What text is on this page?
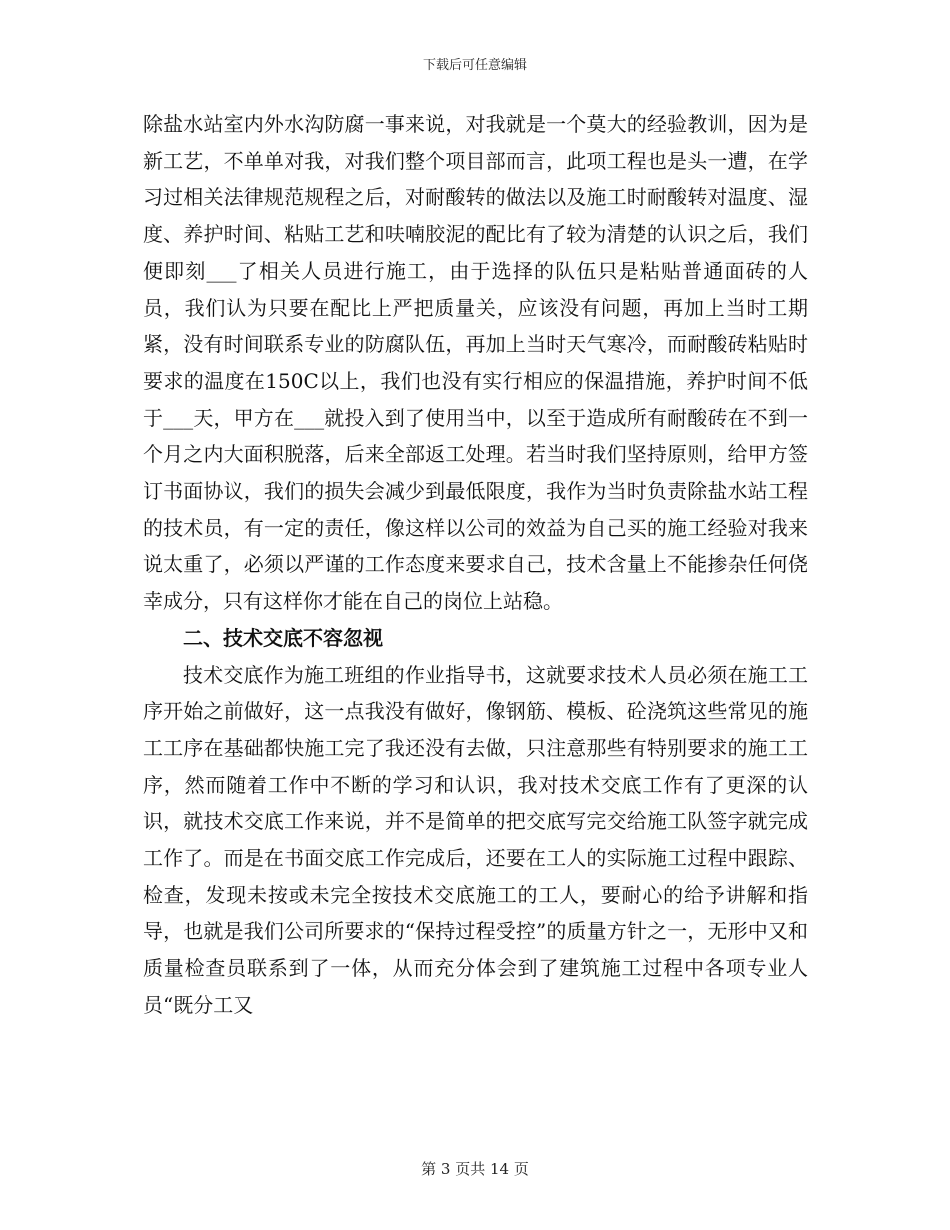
下载后可任意编辑

除盐水站室内外水沟防腐一事来说，对我就是一个莫大的经验教训，因为是新工艺，不单单对我，对我们整个项目部而言，此项工程也是头一遭，在学习过相关法律规范规程之后，对耐酸转的做法以及施工时耐酸转对温度、湿度、养护时间、粘贴工艺和呋喃胶泥的配比有了较为清楚的认识之后，我们便即刻___了相关人员进行施工，由于选择的队伍只是粘贴普通面砖的人员，我们认为只要在配比上严把质量关，应该没有问题，再加上当时工期紧，没有时间联系专业的防腐队伍，再加上当时天气寒冷，而耐酸砖粘贴时要求的温度在150C以上，我们也没有实行相应的保温措施，养护时间不低于___天，甲方在___就投入到了使用当中，以至于造成所有耐酸砖在不到一个月之内大面积脱落，后来全部返工处理。若当时我们坚持原则，给甲方签订书面协议，我们的损失会减少到最低限度，我作为当时负责除盐水站工程的技术员，有一定的责任，像这样以公司的效益为自己买的施工经验对我来说太重了，必须以严谨的工作态度来要求自己，技术含量上不能掺杂任何侥幸成分，只有这样你才能在自己的岗位上站稳。

二、技术交底不容忽视

技术交底作为施工班组的作业指导书，这就要求技术人员必须在施工工序开始之前做好，这一点我没有做好，像钢筋、模板、砼浇筑这些常见的施工工序在基础都快施工完了我还没有去做，只注意那些有特别要求的施工工序，然而随着工作中不断的学习和认识，我对技术交底工作有了更深的认识，就技术交底工作来说，并不是简单的把交底写完交给施工队签字就完成工作了。而是在书面交底工作完成后，还要在工人的实际施工过程中跟踪、检查，发现未按或未完全按技术交底施工的工人，要耐心的给予讲解和指导，也就是我们公司所要求的“保持过程受控”的质量方针之一，无形中又和质量检查员联系到了一体，从而充分体会到了建筑施工过程中各项专业人员“既分工又

第 3 页共 14 页
